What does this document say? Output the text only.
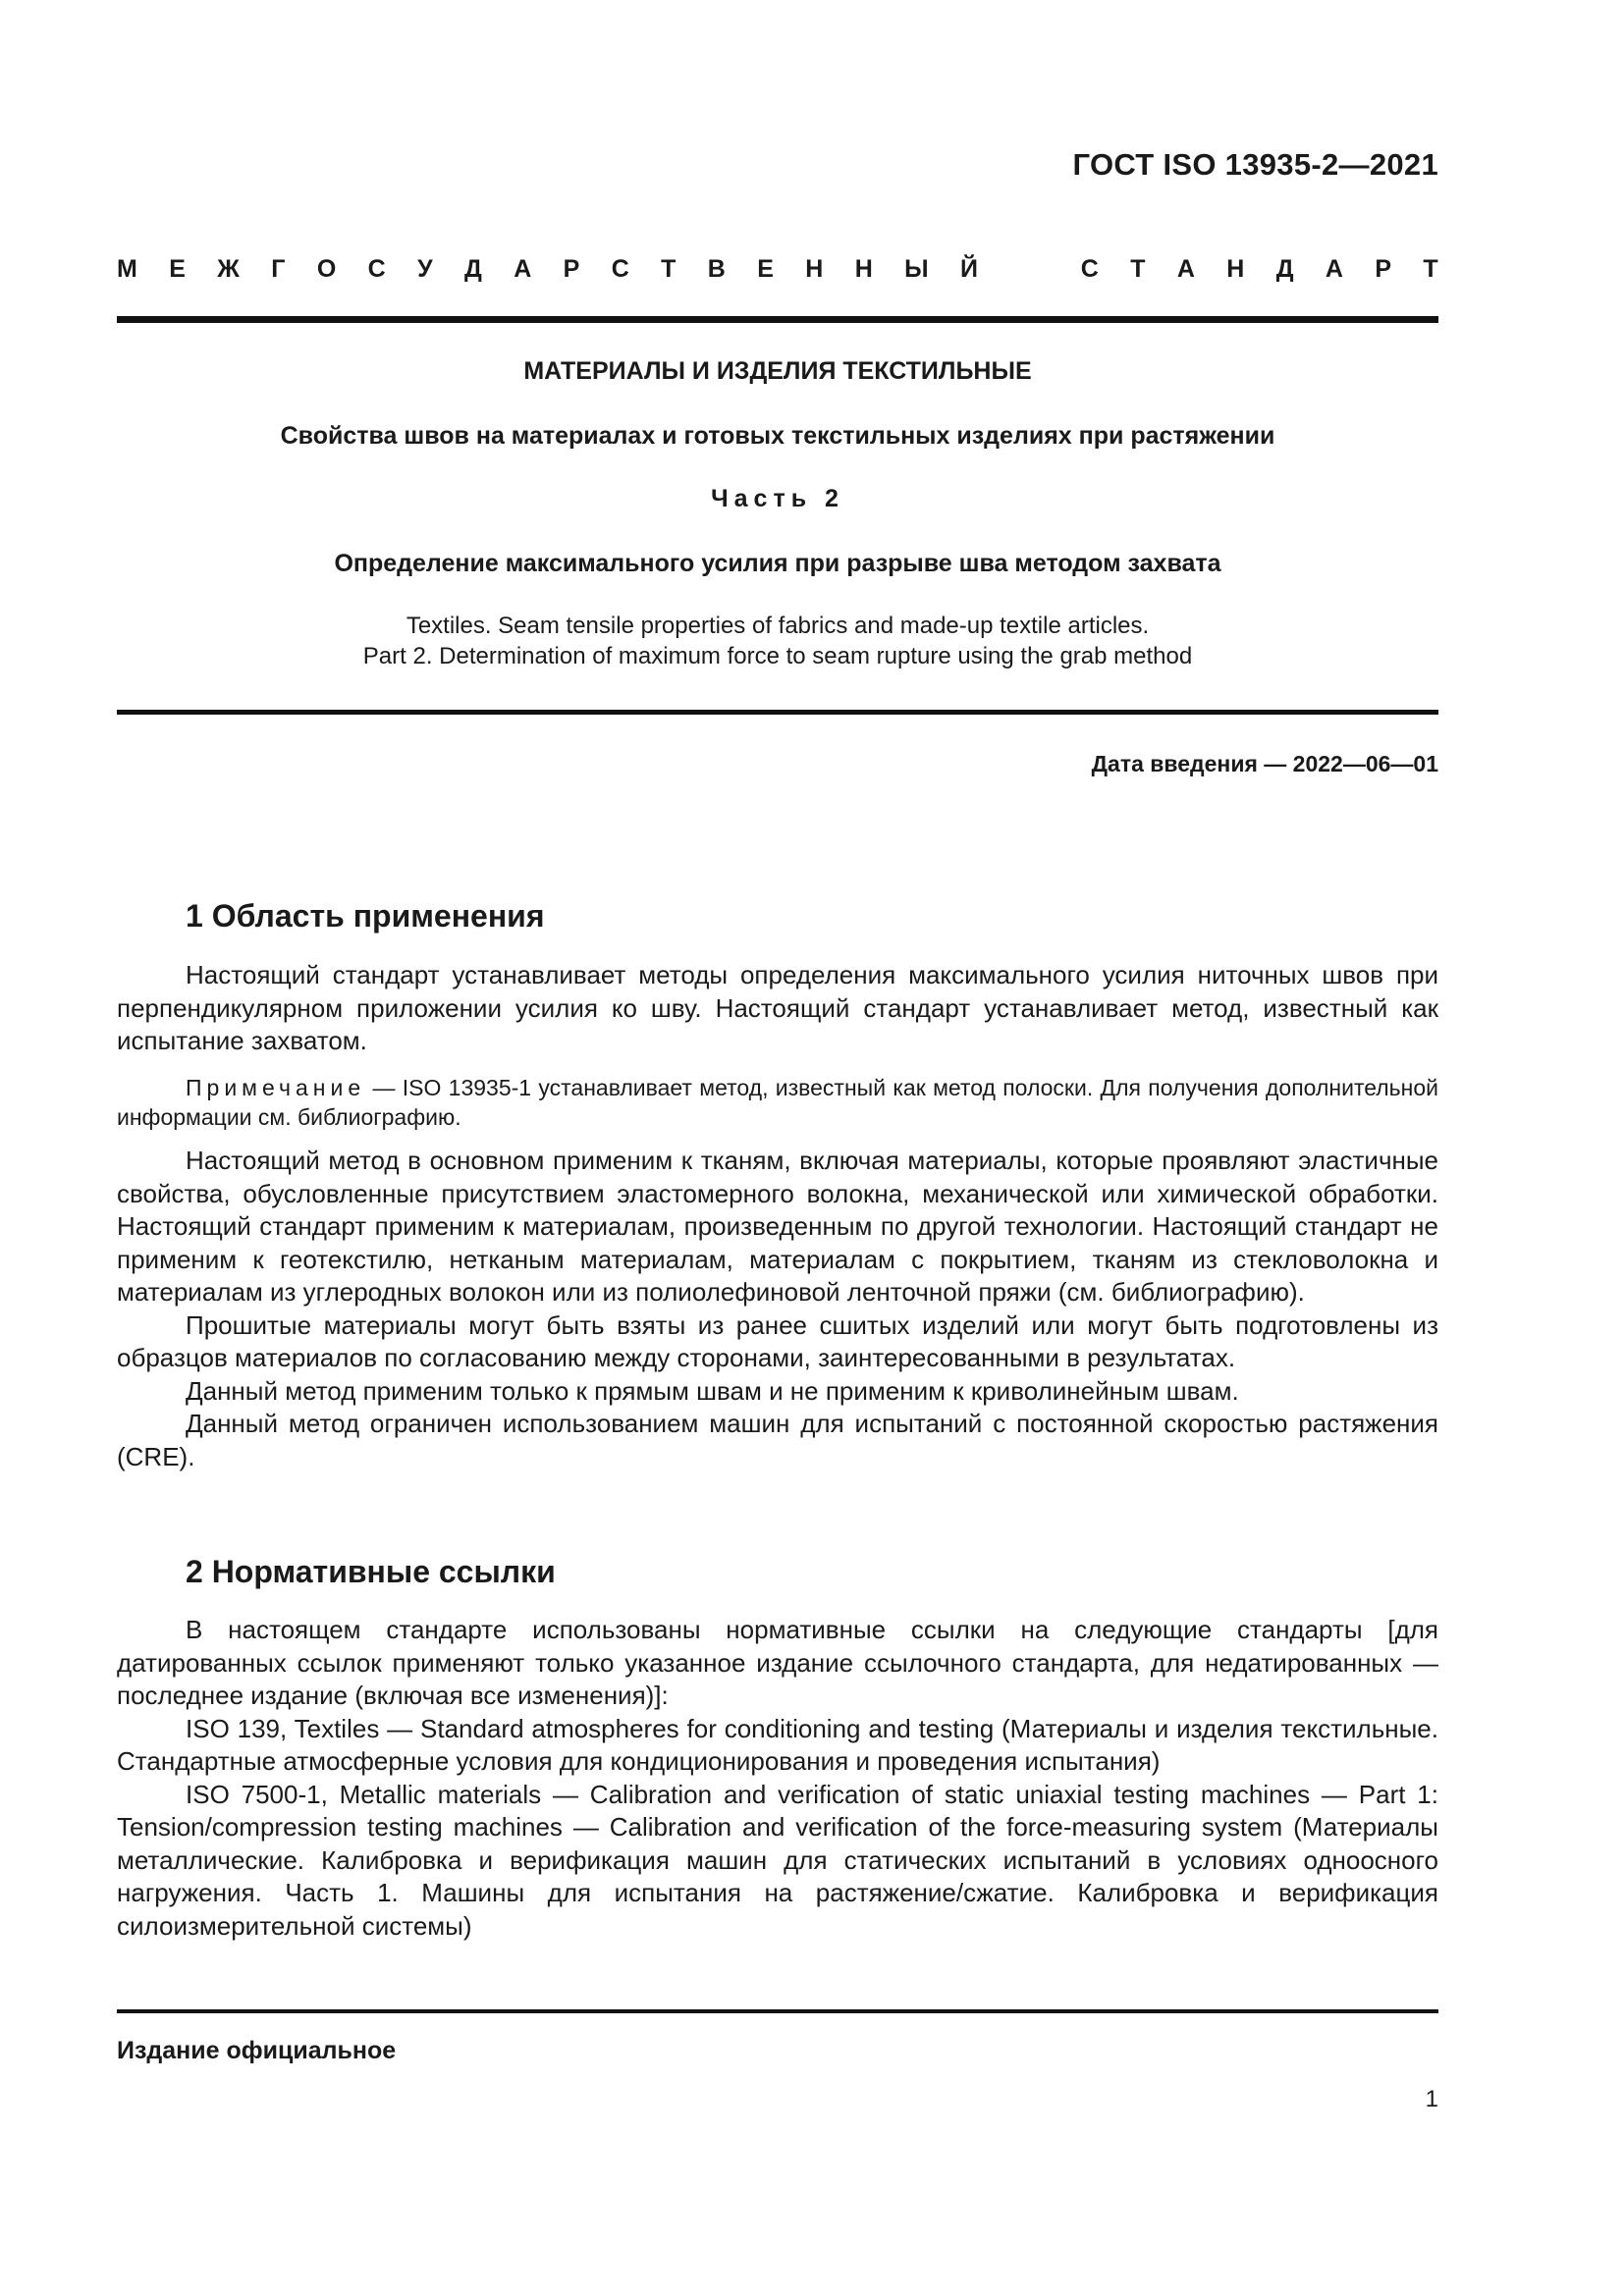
ГОСТ ISO 13935-2—2021
М Е Ж Г О С У Д А Р С Т В Е Н Н Ы Й	С Т А Н Д А Р Т
МАТЕРИАЛЫ И ИЗДЕЛИЯ ТЕКСТИЛЬНЫЕ
Свойства швов на материалах и готовых текстильных изделиях при растяжении
Часть 2
Определение максимального усилия при разрыве шва методом захвата
Textiles. Seam tensile properties of fabrics and made-up textile articles.
Part 2. Determination of maximum force to seam rupture using the grab method
Дата введения — 2022—06—01
1 Область применения

Настоящий стандарт устанавливает методы определения максимального усилия ниточных швов при перпендикулярном приложении усилия ко шву. Настоящий стандарт устанавливает метод, известный как испытание захватом.

Примечание — ISO 13935-1 устанавливает метод, известный как метод полоски. Для получения дополнительной информации см. библиографию.

Настоящий метод в основном применим к тканям, включая материалы, которые проявляют эластичные свойства, обусловленные присутствием эластомерного волокна, механической или химической обработки. Настоящий стандарт применим к материалам, произведенным по другой технологии. Настоящий стандарт не применим к геотекстилю, нетканым материалам, материалам с покрытием, тканям из стекловолокна и материалам из углеродных волокон или из полиолефиновой ленточной пряжи (см. библиографию).

Прошитые материалы могут быть взяты из ранее сшитых изделий или могут быть подготовлены из образцов материалов по согласованию между сторонами, заинтересованными в результатах.

Данный метод применим только к прямым швам и не применим к криволинейным швам.

Данный метод ограничен использованием машин для испытаний с постоянной скоростью растяжения (CRE).

2 Нормативные ссылки

В настоящем стандарте использованы нормативные ссылки на следующие стандарты [для датированных ссылок применяют только указанное издание ссылочного стандарта, для недатированных — последнее издание (включая все изменения)]:

ISO 139, Textiles — Standard atmospheres for conditioning and testing (Материалы и изделия текстильные. Стандартные атмосферные условия для кондиционирования и проведения испытания)

ISO 7500-1, Metallic materials — Calibration and verification of static uniaxial testing machines — Part 1: Tension/compression testing machines — Calibration and verification of the force-measuring system (Материалы металлические. Калибровка и верификация машин для статических испытаний в условиях одноосного нагружения. Часть 1. Машины для испытания на растяжение/сжатие. Калибровка и верификация силоизмерительной системы)

Издание официальное
1
